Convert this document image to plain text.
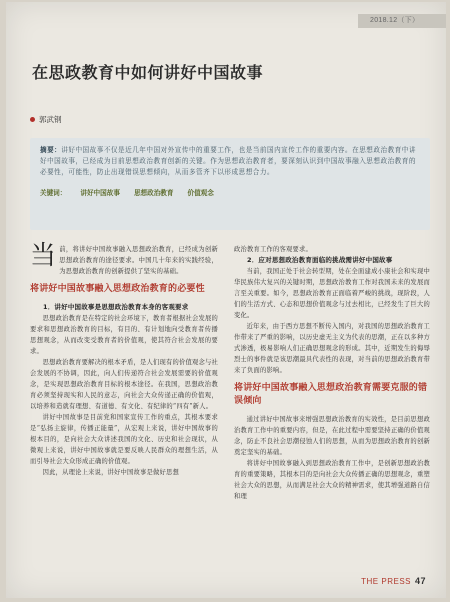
2018.12（下）
在思政教育中如何讲好中国故事
郭武钢

摘要：讲好中国故事不仅是近几年中国对外宣传中的重要工作，也是当前国内宣传工作的重要内容。在思想政治教育中讲好中国故事，已经成为目前思想政治教育创新的关键。作为思想政治教育者，要深刻认识到中国故事融入思想政治教育的必要性，可能性，防止出现错误思想倾向，从而多管齐下以形成思想合力。

关键词： 讲好中国故事 思想政治教育 价值观念

当前，将讲好中国故事融入思想政治教育，已经成为创新思想政治教育的途径要求。中国几十年来的实践经验，为思想政治教育的创新提供了坚实的基础。

将讲好中国故事融入思想政治教育的必要性

1．讲好中国故事是思想政治教育本身的客观要求

思想政治教育是在特定的社会环境下，教育者根据社会发展的要求和思想政治教育的目标，有目的、有计划地向受教育者传播思想观念，从而改变受教育者的价值观，使其符合社会发展的要求。

思想政治教育要解决的根本矛盾，是人们现有的价值观念与社会发展的不协调，因此，向人们传递符合社会发展需要的价值观念，是实现思想政治教育目标的根本途径。在我国，思想政治教育必须坚持现实和人民的意志，向社会大众传递正确的价值观，以培养和造就有理想、有道德、有文化、有纪律的“四有”新人。

讲好中国故事是目前党和国家宣传工作的重点，其根本要求是“弘扬主旋律，传播正能量”，从宏观上来说，讲好中国故事的根本目的，是向社会大众讲述我国的文化、历史和社会现状，从微观上来说，讲好中国故事就是要反映人民群众的理想生活，从而引导社会大众形成正确的价值观。

因此，从理论上来说，讲好中国故事是做好思想

政治教育工作的客观要求。

2．应对思想政治教育面临的挑战需讲好中国故事

当前，我国正处于社会转型期，处在全面建成小康社会和实现中华民族伟大复兴的关键时期，思想政治教育工作对我国未来的发展而言至关重要。如今，思想政治教育正面临着严峻的挑战，现阶段，人们的生活方式、心态和思想价值观念与过去相比，已经发生了巨大的变化。

近年来，由于西方思想不断传入国内，对我国的思想政治教育工作带来了严重的影响，以历史虚无主义为代表的思潮，正在以多种方式渗透，极易影响人们正确思想观念的形成。其中，近期发生的侮辱烈士的事件就是该思潮最具代表性的表现，对当前的思想政治教育带来了负面的影响。

将讲好中国故事融入思想政治教育需要克服的错误倾向

通过讲好中国故事来增强思想政治教育的实效性，是目前思想政治教育工作中的重要内容，但是，在此过程中需要坚持正确的价值观念，防止不良社会思潮侵蚀人们的思想，从而为思想政治教育的创新奠定坚实的基础。

将讲好中国故事融入到思想政治教育工作中，是创新思想政治教育的重要策略，其根本目的是向社会大众传播正确的思想观念，重塑社会大众的思想，从而满足社会大众的精神需求，使其增强道路自信和理

THE PRESS 47
